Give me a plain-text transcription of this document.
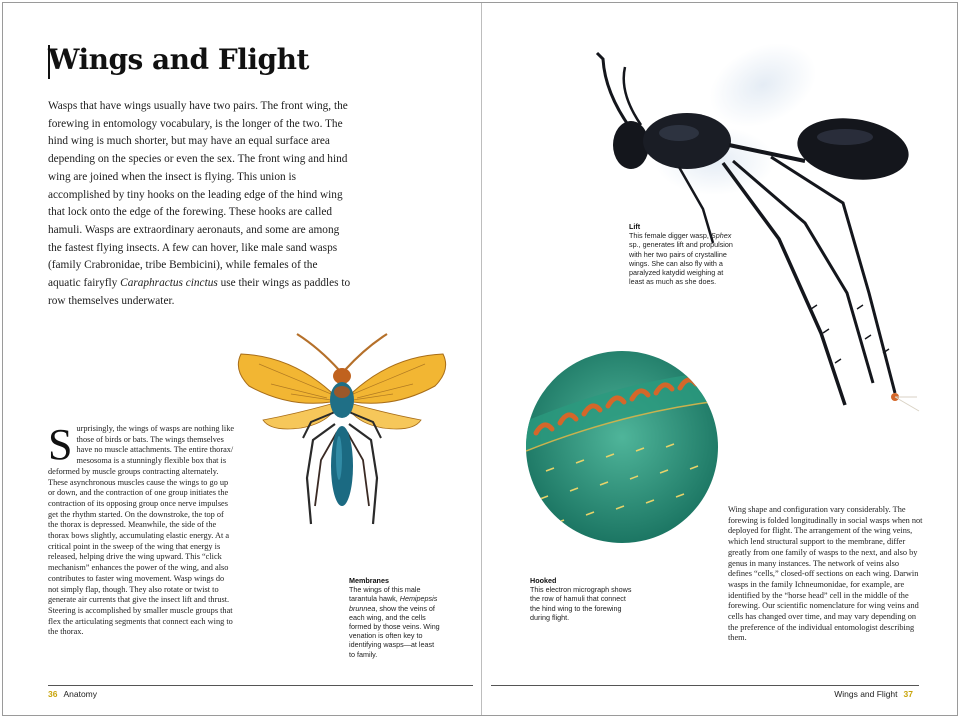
Wings and Flight

Wasps that have wings usually have two pairs. The front wing, the forewing in entomology vocabulary, is the longer of the two. The hind wing is much shorter, but may have an equal surface area depending on the species or even the sex. The front wing and hind wing are joined when the insect is flying. This union is accomplished by tiny hooks on the leading edge of the hind wing that lock onto the edge of the forewing. These hooks are called hamuli. Wasps are extraordinary aeronauts, and some are among the fastest flying insects. A few can hover, like male sand wasps (family Crabronidae, tribe Bembicini), while females of the aquatic fairyfly Caraphractus cinctus use their wings as paddles to row themselves underwater.

Surprisingly, the wings of wasps are nothing like those of birds or bats. The wings themselves have no muscle attachments. The entire thorax/ mesosoma is a stunningly flexible box that is deformed by muscle groups contracting alternately. These asynchronous muscles cause the wings to go up or down, and the contraction of one group initiates the contraction of its opposing group once nerve impulses get the rhythm started. On the downstroke, the top of the thorax is depressed. Meanwhile, the side of the thorax bows slightly, accumulating elastic energy. At a critical point in the sweep of the wing that energy is released, helping drive the wing upward. This “click mechanism” enhances the power of the wing, and also contributes to faster wing movement. Wasp wings do not simply flap, though. They also rotate or twist to generate air currents that give the insect lift and thrust. Steering is accomplished by smaller muscle groups that flex the articulating segments that connect each wing to the thorax.
Membranes
The wings of this male tarantula hawk, Hemipepsis brunnea, show the veins of each wing, and the cells formed by those veins. Wing venation is often key to identifying wasps—at least to family.
36 Anatomy
Lift
This female digger wasp, Sphex sp., generates lift and propulsion with her two pairs of crystalline wings. She can also fly with a paralyzed katydid weighing at least as much as she does.
Hooked
This electron micrograph shows the row of hamuli that connect the hind wing to the forewing during flight.
Wing shape and configuration vary considerably. The forewing is folded longitudinally in social wasps when not deployed for flight. The arrangement of the wing veins, which lend structural support to the membrane, differ greatly from one family of wasps to the next, and also by genus in many instances. The network of veins also defines “cells,” closed-off sections on each wing. Darwin wasps in the family Ichneumonidae, for example, are identified by the “horse head” cell in the middle of the forewing. Our scientific nomenclature for wing veins and cells has changed over time, and may vary depending on the preference of the individual entomologist describing them.
Wings and Flight 37
